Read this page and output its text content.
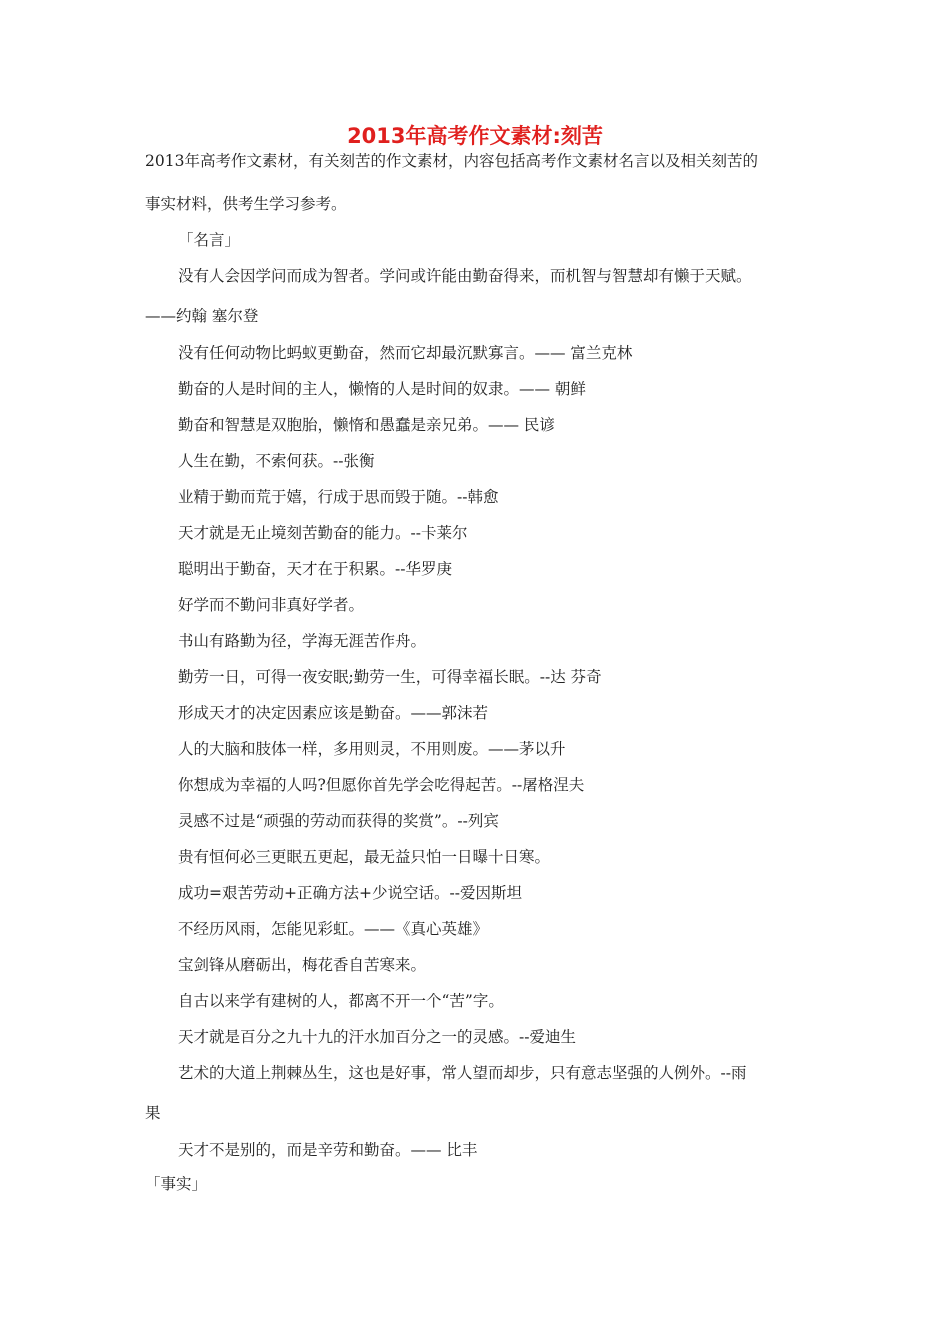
2013年高考作文素材:刻苦
2013年高考作文素材，有关刻苦的作文素材，内容包括高考作文素材名言以及相关刻苦的
事实材料，供考生学习参考。
「名言」
没有人会因学问而成为智者。学问或许能由勤奋得来，而机智与智慧却有懒于天赋。
——约翰 塞尔登
没有任何动物比蚂蚁更勤奋，然而它却最沉默寡言。—— 富兰克林
勤奋的人是时间的主人，懒惰的人是时间的奴隶。—— 朝鲜
勤奋和智慧是双胞胎，懒惰和愚蠢是亲兄弟。—— 民谚
人生在勤，不索何获。--张衡
业精于勤而荒于嬉，行成于思而毁于随。--韩愈
天才就是无止境刻苦勤奋的能力。--卡莱尔
聪明出于勤奋，天才在于积累。--华罗庚
好学而不勤问非真好学者。
书山有路勤为径，学海无涯苦作舟。
勤劳一日，可得一夜安眠;勤劳一生，可得幸福长眠。--达 芬奇
形成天才的决定因素应该是勤奋。——郭沫若
人的大脑和肢体一样，多用则灵，不用则废。——茅以升
你想成为幸福的人吗?但愿你首先学会吃得起苦。--屠格涅夫
灵感不过是“顽强的劳动而获得的奖赏”。--列宾
贵有恒何必三更眠五更起，最无益只怕一日曝十日寒。
成功=艰苦劳动+正确方法+少说空话。--爱因斯坦
不经历风雨，怎能见彩虹。——《真心英雄》
宝剑锋从磨砺出，梅花香自苦寒来。
自古以来学有建树的人，都离不开一个“苦”字。
天才就是百分之九十九的汗水加百分之一的灵感。--爱迪生
艺术的大道上荆棘丛生，这也是好事，常人望而却步，只有意志坚强的人例外。--雨
果
天才不是别的，而是辛劳和勤奋。—— 比丰
「事实」
